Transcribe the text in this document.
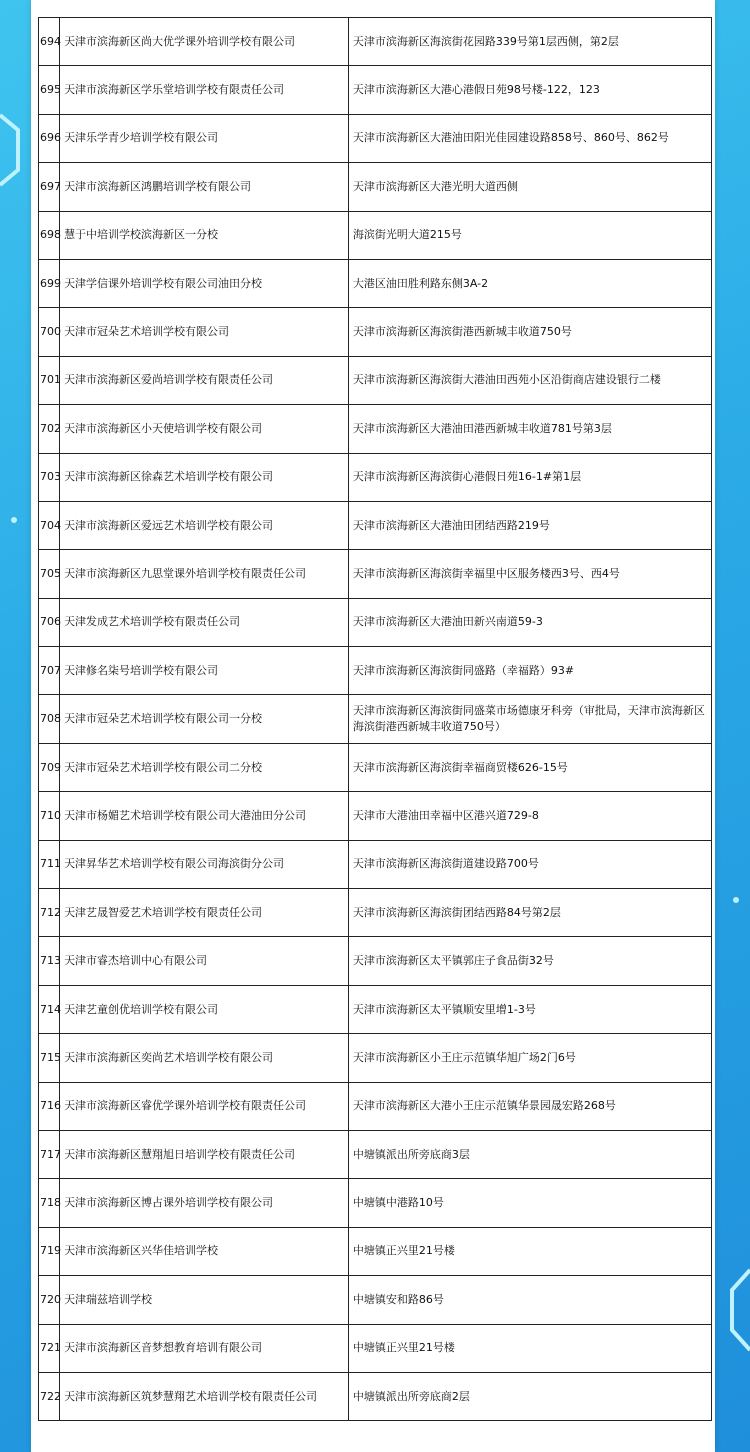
694	天津市滨海新区尚大优学课外培训学校有限公司	天津市滨海新区海滨街花园路339号第1层西侧，第2层
695	天津市滨海新区学乐堂培训学校有限责任公司	天津市滨海新区大港心港假日苑98号楼-122，123
696	天津乐学青少培训学校有限公司	天津市滨海新区大港油田阳光佳园建设路858号、860号、862号
697	天津市滨海新区鸿鹏培训学校有限公司	天津市滨海新区大港光明大道西侧
698	慧于中培训学校滨海新区一分校	海滨街光明大道215号
699	天津学信课外培训学校有限公司油田分校	大港区油田胜利路东侧3A-2
700	天津市冠朵艺术培训学校有限公司	天津市滨海新区海滨街港西新城丰收道750号
701	天津市滨海新区爱尚培训学校有限责任公司	天津市滨海新区海滨街大港油田西苑小区沿街商店建设银行二楼
702	天津市滨海新区小天使培训学校有限公司	天津市滨海新区大港油田港西新城丰收道781号第3层
703	天津市滨海新区徐森艺术培训学校有限公司	天津市滨海新区海滨街心港假日苑16-1#第1层
704	天津市滨海新区爱远艺术培训学校有限公司	天津市滨海新区大港油田团结西路219号
705	天津市滨海新区九思堂课外培训学校有限责任公司	天津市滨海新区海滨街幸福里中区服务楼西3号、西4号
706	天津发成艺术培训学校有限责任公司	天津市滨海新区大港油田新兴南道59-3
707	天津修名柒号培训学校有限公司	天津市滨海新区海滨街同盛路（幸福路）93#
708	天津市冠朵艺术培训学校有限公司一分校	天津市滨海新区海滨街同盛菜市场德康牙科旁（审批局，天津市滨海新区海滨街港西新城丰收道750号）
709	天津市冠朵艺术培训学校有限公司二分校	天津市滨海新区海滨街幸福商贸楼626-15号
710	天津市杨媚艺术培训学校有限公司大港油田分公司	天津市大港油田幸福中区港兴道729-8
711	天津昇华艺术培训学校有限公司海滨街分公司	天津市滨海新区海滨街道建设路700号
712	天津艺晟智爱艺术培训学校有限责任公司	天津市滨海新区海滨街团结西路84号第2层
713	天津市睿杰培训中心有限公司	天津市滨海新区太平镇郭庄子食品街32号
714	天津艺童创优培训学校有限公司	天津市滨海新区太平镇顺安里增1-3号
715	天津市滨海新区奕尚艺术培训学校有限公司	天津市滨海新区小王庄示范镇华旭广场2门6号
716	天津市滨海新区睿优学课外培训学校有限责任公司	天津市滨海新区大港小王庄示范镇华景园晟宏路268号
717	天津市滨海新区慧翔旭日培训学校有限责任公司	中塘镇派出所旁底商3层
718	天津市滨海新区博占课外培训学校有限公司	中塘镇中港路10号
719	天津市滨海新区兴华佳培训学校	中塘镇正兴里21号楼
720	天津瑞兹培训学校	中塘镇安和路86号
721	天津市滨海新区音梦想教育培训有限公司	中塘镇正兴里21号楼
722	天津市滨海新区筑梦慧翔艺术培训学校有限责任公司	中塘镇派出所旁底商2层
